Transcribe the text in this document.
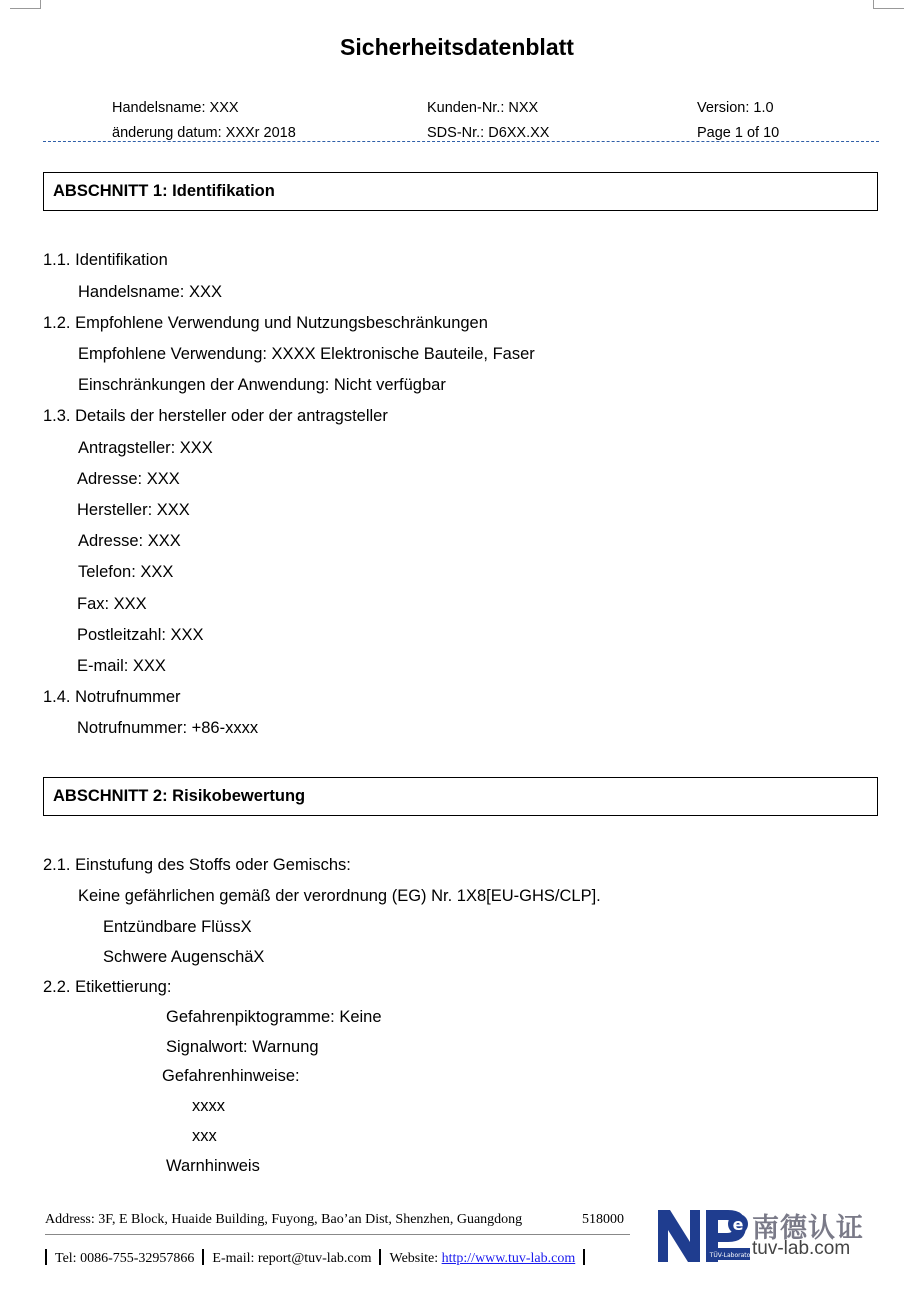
Sicherheitsdatenblatt
Handelsname: XXX
änderung datum: XXXr 2018
Kunden-Nr.: NXX
SDS-Nr.: D6XX.XX
Version: 1.0
Page 1 of 10
ABSCHNITT 1: Identifikation
1.1. Identifikation
Handelsname: XXX
1.2. Empfohlene Verwendung und Nutzungsbeschränkungen
Empfohlene Verwendung: XXXX Elektronische Bauteile, Faser
Einschränkungen der Anwendung: Nicht verfügbar
1.3. Details der hersteller oder der antragsteller
Antragsteller: XXX
Adresse: XXX
Hersteller: XXX
Adresse: XXX
Telefon: XXX
Fax: XXX
Postleitzahl: XXX
E-mail: XXX
1.4. Notrufnummer
Notrufnummer: +86-xxxx
ABSCHNITT 2: Risikobewertung
2.1. Einstufung des Stoffs oder Gemischs:
Keine gefährlichen gemäß der verordnung (EG) Nr. 1X8[EU-GHS/CLP].
Entzündbare FlüssX
Schwere AugenschäX
2.2. Etikettierung:
Gefahrenpiktogramme: Keine
Signalwort: Warnung
Gefahrenhinweise:
xxxx
xxx
Warnhinweis
Address: 3F, E Block, Huaide Building, Fuyong, Bao’an Dist, Shenzhen, Guangdong	518000
Tel: 0086-755-32957866 E-mail: report@tuv-lab.com Website: http://www.tuv-lab.com
e
TÜV-Laboratory
南德认证
tuv-lab.com
